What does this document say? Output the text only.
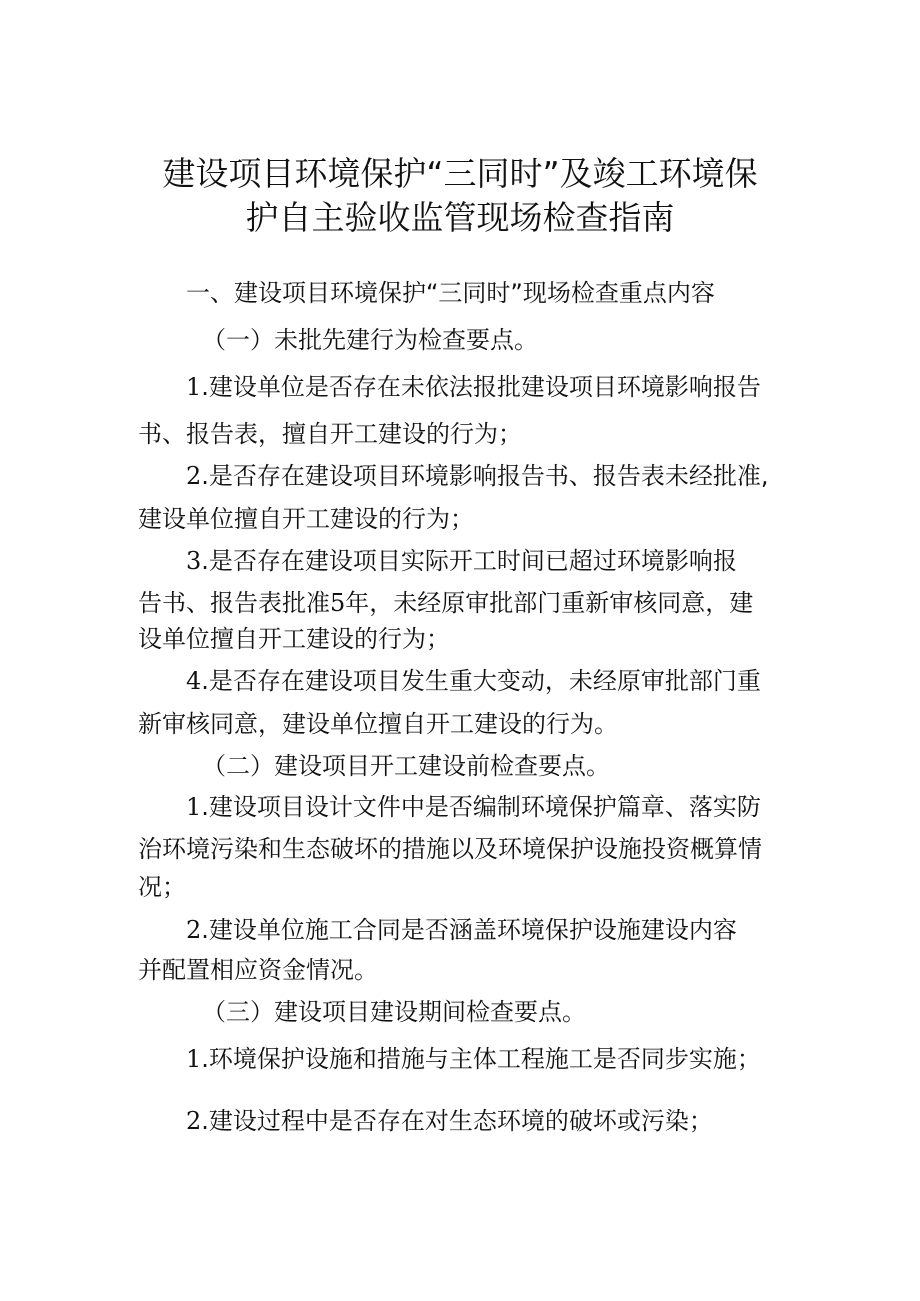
建设项目环境保护“三同时”及竣工环境保
护自主验收监管现场检查指南

一、建设项目环境保护“三同时”现场检查重点内容

（一）未批先建行为检查要点。

1.建设单位是否存在未依法报批建设项目环境影响报告

书、报告表，擅自开工建设的行为；

2.是否存在建设项目环境影响报告书、报告表未经批准,

建设单位擅自开工建设的行为；

3.是否存在建设项目实际开工时间已超过环境影响报

告书、报告表批准5年，未经原审批部门重新审核同意，建

设单位擅自开工建设的行为；

4.是否存在建设项目发生重大变动，未经原审批部门重

新审核同意，建设单位擅自开工建设的行为。

（二）建设项目开工建设前检查要点。

1.建设项目设计文件中是否编制环境保护篇章、落实防

治环境污染和生态破坏的措施以及环境保护设施投资概算情

况；

2.建设单位施工合同是否涵盖环境保护设施建设内容

并配置相应资金情况。

（三）建设项目建设期间检查要点。

1.环境保护设施和措施与主体工程施工是否同步实施；

2.建设过程中是否存在对生态环境的破坏或污染；
